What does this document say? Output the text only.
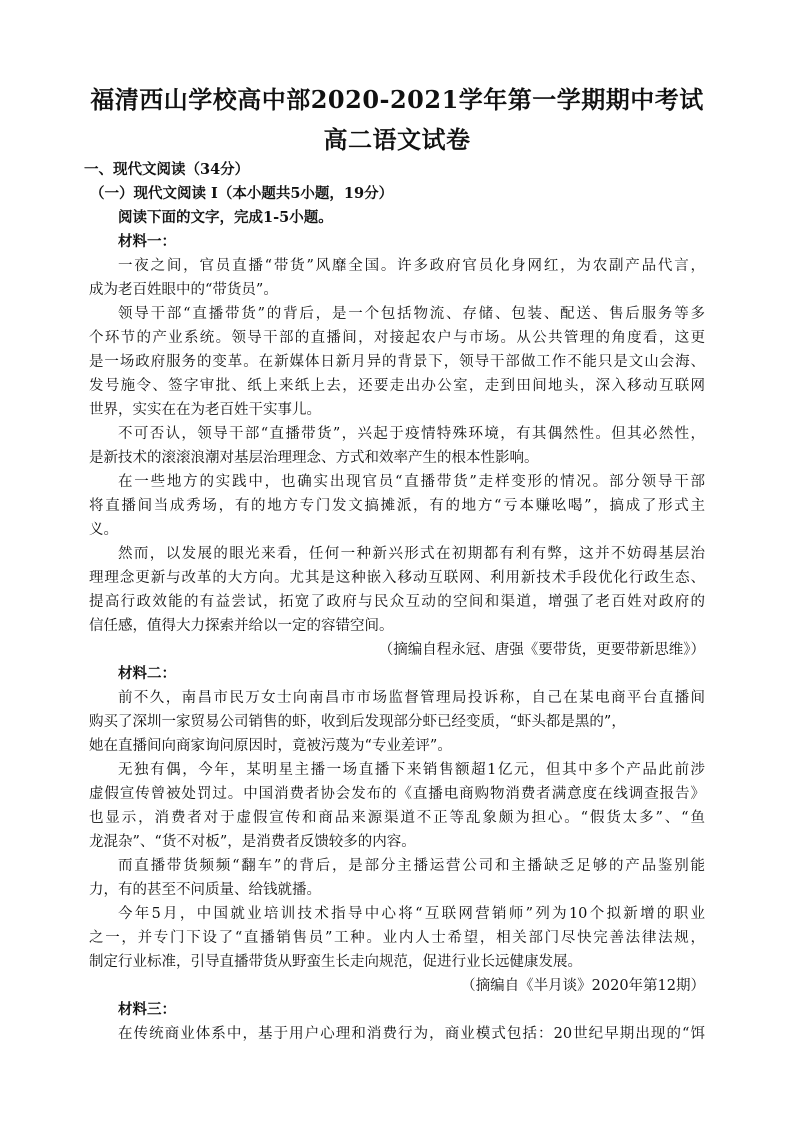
福清西山学校高中部2020-2021学年第一学期期中考试
高二语文试卷
一、现代文阅读（34分）
（一）现代文阅读 I（本小题共5小题，19分）
阅读下面的文字，完成1-5小题。
材料一：
一夜之间，官员直播“带货”风靡全国。许多政府官员化身网红，为农副产品代言，
成为老百姓眼中的“带货员”。
领导干部“直播带货”的背后，是一个包括物流、存储、包装、配送、售后服务等多
个环节的产业系统。领导干部的直播间，对接起农户与市场。从公共管理的角度看，这更
是一场政府服务的变革。在新媒体日新月异的背景下，领导干部做工作不能只是文山会海、
发号施令、签字审批、纸上来纸上去，还要走出办公室，走到田间地头，深入移动互联网
世界，实实在在为老百姓干实事儿。
不可否认，领导干部“直播带货”，兴起于疫情特殊环境，有其偶然性。但其必然性，
是新技术的滚滚浪潮对基层治理理念、方式和效率产生的根本性影响。
在一些地方的实践中，也确实出现官员“直播带货”走样变形的情况。部分领导干部
将直播间当成秀场，有的地方专门发文搞摊派，有的地方“亏本赚吆喝”，搞成了形式主
义。
然而，以发展的眼光来看，任何一种新兴形式在初期都有利有弊，这并不妨碍基层治
理理念更新与改革的大方向。尤其是这种嵌入移动互联网、利用新技术手段优化行政生态、
提高行政效能的有益尝试，拓宽了政府与民众互动的空间和渠道，增强了老百姓对政府的
信任感，值得大力探索并给以一定的容错空间。
（摘编自程永冠、唐强《要带货，更要带新思维》）
材料二：
前不久，南昌市民万女士向南昌市市场监督管理局投诉称，自己在某电商平台直播间
购买了深圳一家贸易公司销售的虾，收到后发现部分虾已经变质，“虾头都是黑的”，
她在直播间向商家询问原因时，竟被污蔑为“专业差评”。
无独有偶，今年，某明星主播一场直播下来销售额超1亿元，但其中多个产品此前涉
虚假宣传曾被处罚过。中国消费者协会发布的《直播电商购物消费者满意度在线调查报告》
也显示，消费者对于虚假宣传和商品来源渠道不正等乱象颇为担心。“假货太多”、“鱼
龙混杂”、“货不对板”，是消费者反馈较多的内容。
而直播带货频频“翻车”的背后，是部分主播运营公司和主播缺乏足够的产品鉴别能
力，有的甚至不问质量、给钱就播。
今年5月，中国就业培训技术指导中心将“互联网营销师”列为10个拟新增的职业
之一，并专门下设了“直播销售员”工种。业内人士希望，相关部门尽快完善法律法规，
制定行业标准，引导直播带货从野蛮生长走向规范，促进行业长远健康发展。
（摘编自《半月谈》2020年第12期）
材料三：
在传统商业体系中，基于用户心理和消费行为，商业模式包括：20世纪早期出现的“饵
